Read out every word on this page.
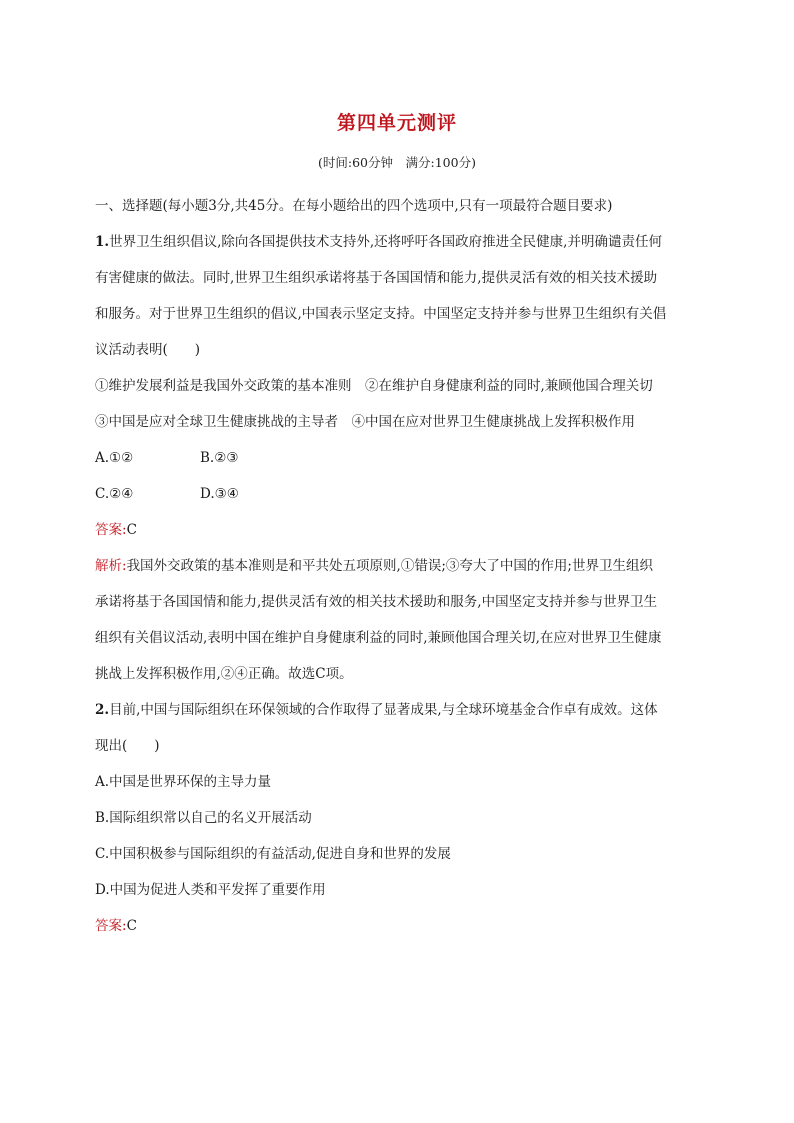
第四单元测评
(时间:60分钟　满分:100分)
一、选择题(每小题3分,共45分。在每小题给出的四个选项中,只有一项最符合题目要求)
1.世界卫生组织倡议,除向各国提供技术支持外,还将呼吁各国政府推进全民健康,并明确谴责任何
有害健康的做法。同时,世界卫生组织承诺将基于各国国情和能力,提供灵活有效的相关技术援助
和服务。对于世界卫生组织的倡议,中国表示坚定支持。中国坚定支持并参与世界卫生组织有关倡
议活动表明(　　)
①维护发展利益是我国外交政策的基本准则　②在维护自身健康利益的同时,兼顾他国合理关切
③中国是应对全球卫生健康挑战的主导者　④中国在应对世界卫生健康挑战上发挥积极作用
A.①②	B.②③
C.②④	D.③④
答案:C
解析:我国外交政策的基本准则是和平共处五项原则,①错误;③夸大了中国的作用;世界卫生组织
承诺将基于各国国情和能力,提供灵活有效的相关技术援助和服务,中国坚定支持并参与世界卫生
组织有关倡议活动,表明中国在维护自身健康利益的同时,兼顾他国合理关切,在应对世界卫生健康
挑战上发挥积极作用,②④正确。故选C项。
2.目前,中国与国际组织在环保领域的合作取得了显著成果,与全球环境基金合作卓有成效。这体
现出(　　)
A.中国是世界环保的主导力量
B.国际组织常以自己的名义开展活动
C.中国积极参与国际组织的有益活动,促进自身和世界的发展
D.中国为促进人类和平发挥了重要作用
答案:C
